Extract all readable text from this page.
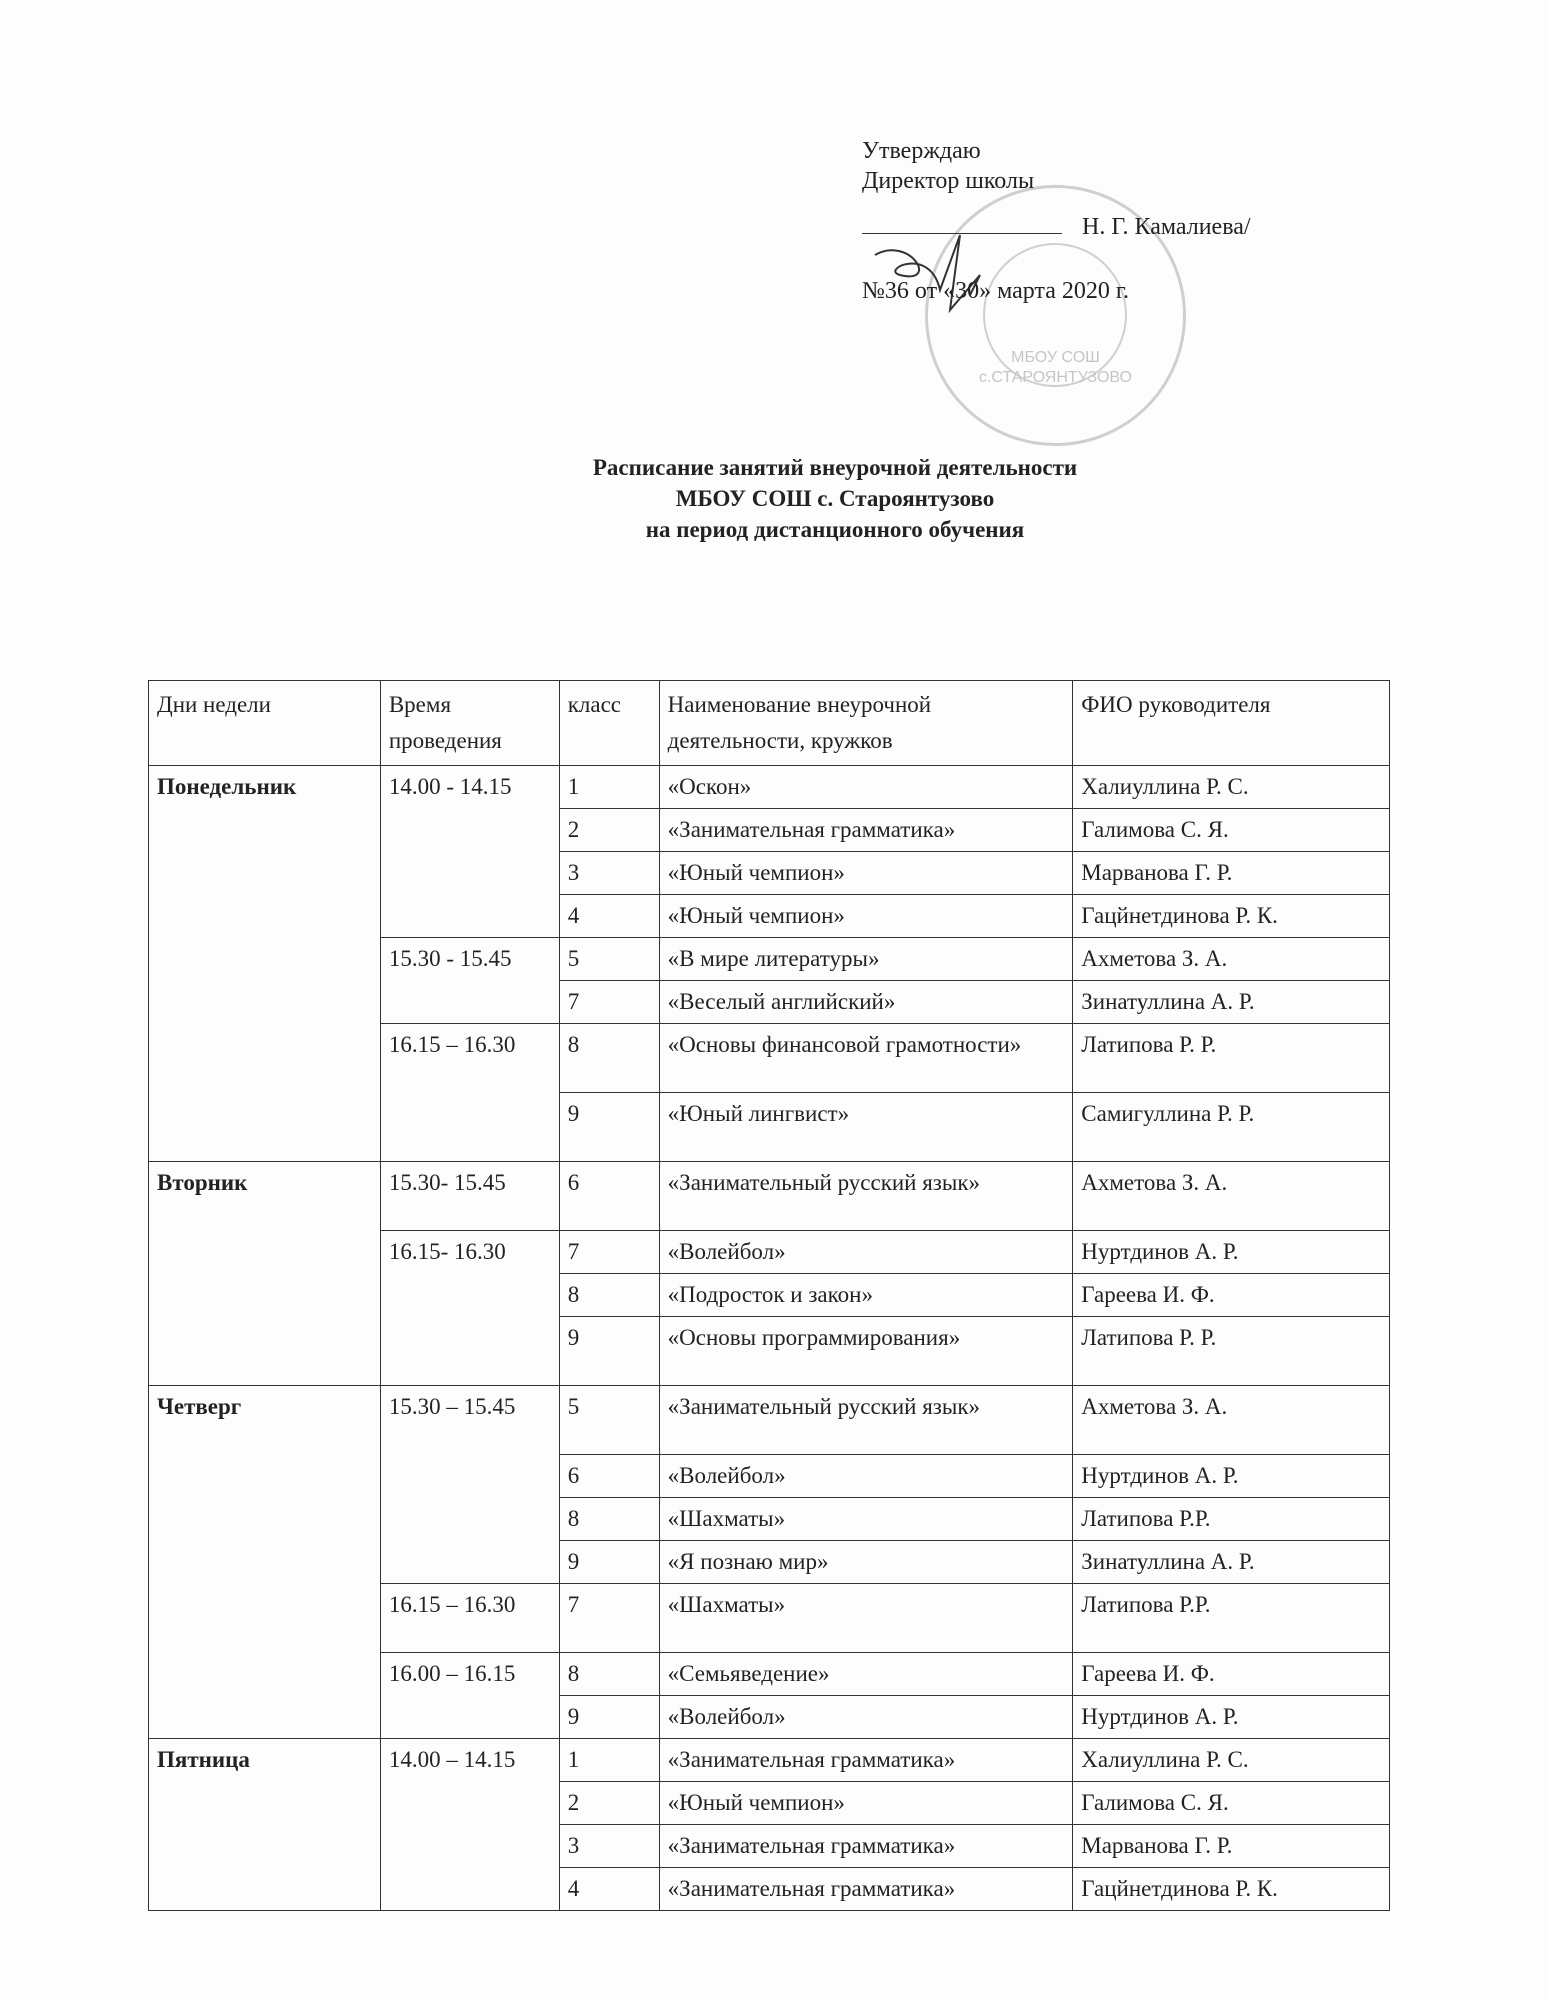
МБОУ СОШ с.СТАРОЯНТУЗОВО
Утверждаю
Директор школы
Н. Г. Камалиева/
№36 от «30» марта 2020 г.
Расписание занятий внеурочной деятельности
МБОУ СОШ с. Староянтузово
на период дистанционного обучения
Дни недели	Время проведения	класс	Наименование внеурочной деятельности, кружков	ФИО руководителя
Понедельник	14.00 - 14.15	1	«Оскон»	Халиуллина Р. С.
		2	«Занимательная грамматика»	Галимова С. Я.
		3	«Юный чемпион»	Марванова Г. Р.
		4	«Юный чемпион»	Гацйнетдинова Р. К.
	15.30 - 15.45	5	«В мире литературы»	Ахметова З. А.
		7	«Веселый английский»	Зинатуллина А. Р.
	16.15 – 16.30	8	«Основы финансовой грамотности»	Латипова Р. Р.
		9	«Юный лингвист»	Самигуллина Р. Р.
Вторник	15.30- 15.45	6	«Занимательный русский язык»	Ахметова З. А.
	16.15- 16.30	7	«Волейбол»	Нуртдинов А. Р.
		8	«Подросток и закон»	Гареева И. Ф.
		9	«Основы программирования»	Латипова Р. Р.
Четверг	15.30 – 15.45	5	«Занимательный русский язык»	Ахметова З. А.
		6	«Волейбол»	Нуртдинов А. Р.
		8	«Шахматы»	Латипова Р.Р.
		9	«Я познаю мир»	Зинатуллина А. Р.
	16.15 – 16.30	7	«Шахматы»	Латипова Р.Р.
	16.00 – 16.15	8	«Семьяведение»	Гареева И. Ф.
		9	«Волейбол»	Нуртдинов А. Р.
Пятница	14.00 – 14.15	1	«Занимательная грамматика»	Халиуллина Р. С.
		2	«Юный чемпион»	Галимова С. Я.
		3	«Занимательная грамматика»	Марванова Г. Р.
		4	«Занимательная грамматика»	Гацйнетдинова Р. К.
